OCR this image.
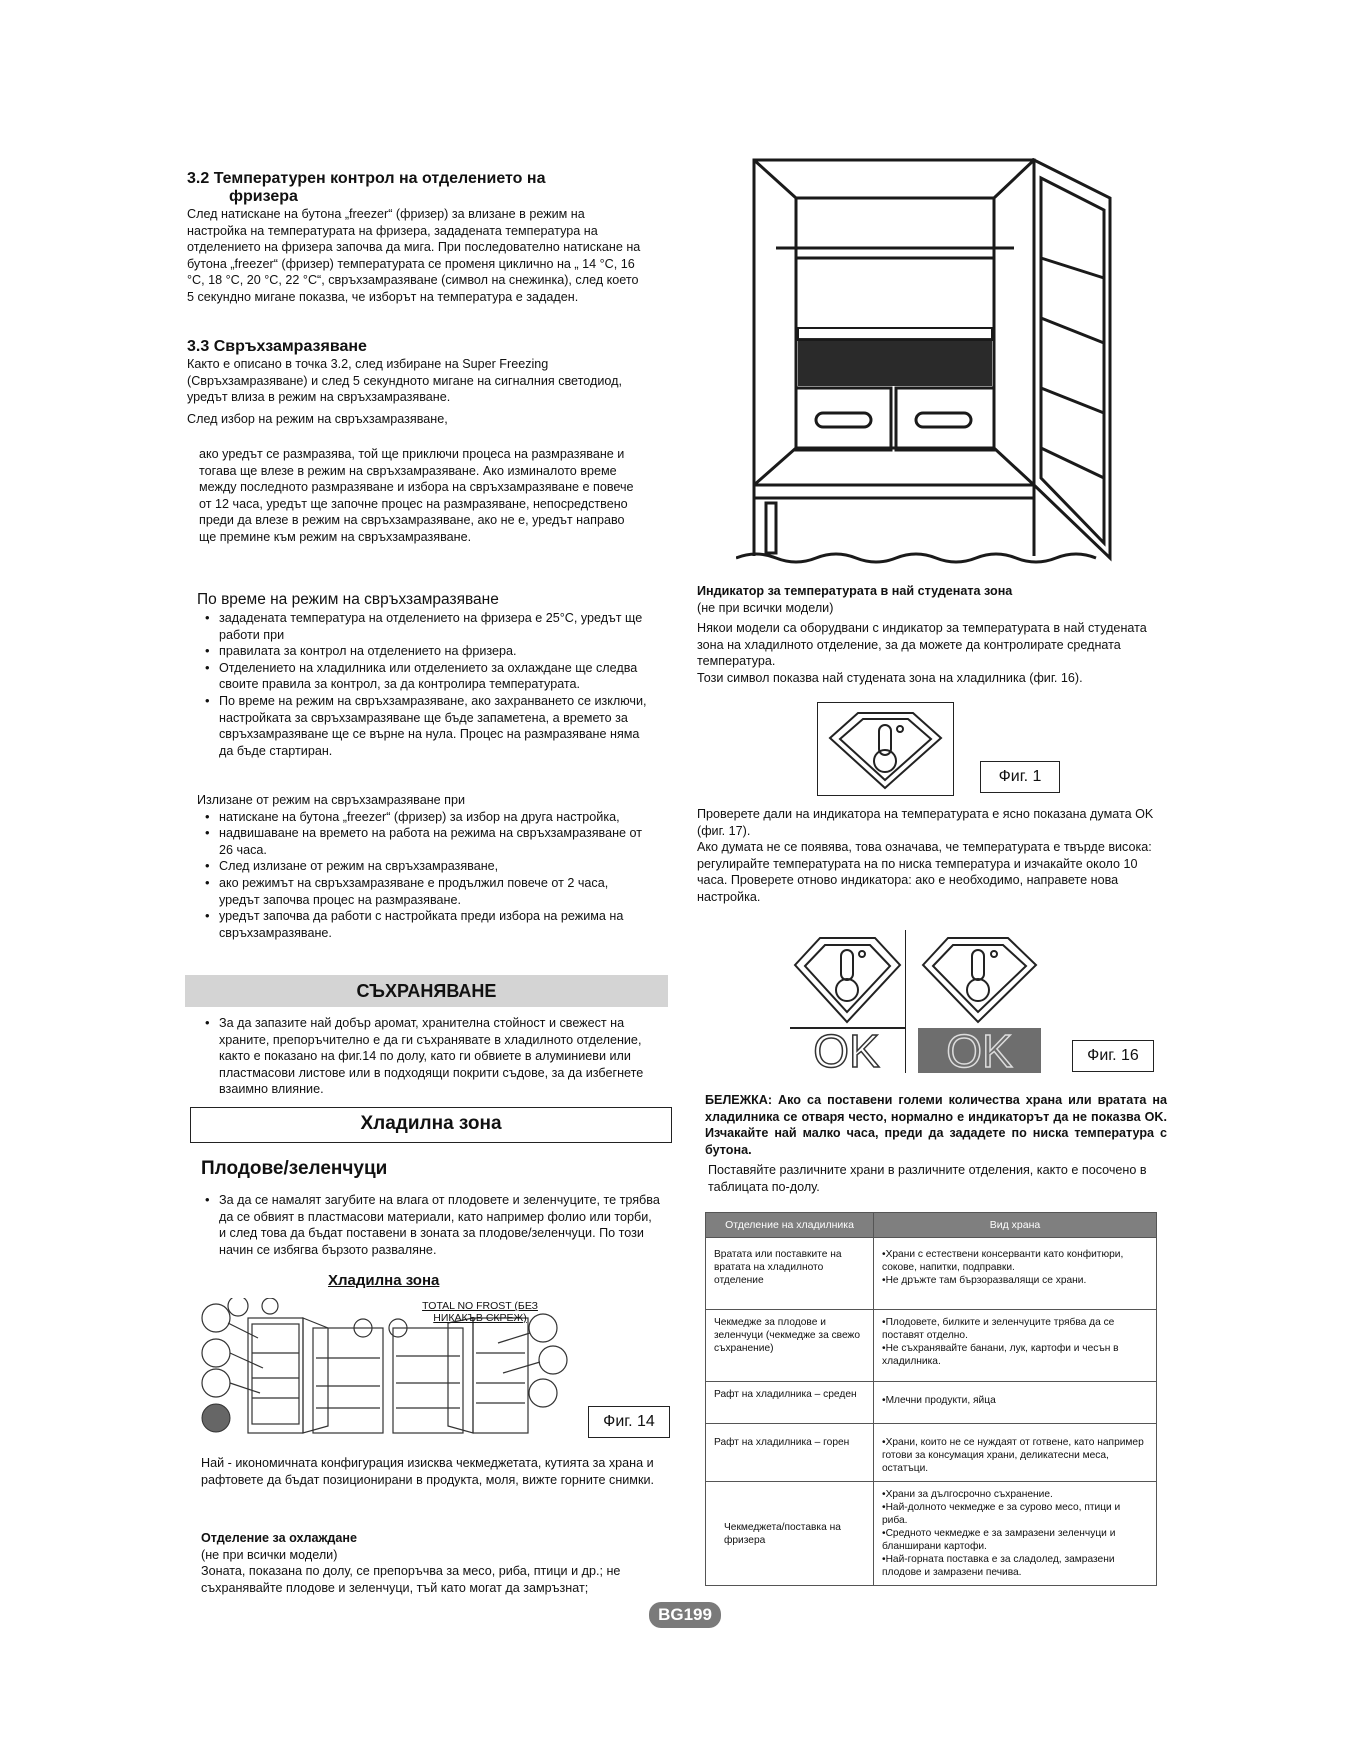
3.2 Температурен контрол на отделението на
фризера

След натискане на бутона „freezer“ (фризер) за влизане в режим на настройка на температурата на фризера, зададената температура на отделението на фризера започва да мига. При последователно натискане на бутона „freezer“ (фризер) температурата се променя циклично на „ 14 °C, 16 °C, 18 °C, 20 °C, 22 °C“, свръхзамразяване (символ на снежинка), след което 5 секундно мигане показва, че изборът на температура е зададен.

3.3 Свръхзамразяване

Както е описано в точка 3.2, след избиране на Super Freezing (Свръхзамразяване) и след 5 секундното мигане на сигналния светодиод, уредът влиза в режим на свръхзамразяване.

След избор на режим на свръхзамразяване,

ако уредът се размразява, той ще приключи процеса на размразяване и тогава ще влезе в режим на свръхзамразяване. Ако изминалото време между последното размразяване и избора на свръхзамразяване е повече от 12 часа, уредът ще започне процес на размразяване, непосредствено преди да влезе в режим на свръхзамразяване, ако не е, уредът направо ще премине към режим на свръхзамразяване.

По време на режим на свръхзамразяване

• зададената температура на отделението на фризера е 25°C, уредът ще работи при
• правилата за контрол на отделението на фризера.
• Отделението на хладилника или отделението за охлаждане ще следва своите правила за контрол, за да контролира температурата.
• По време на режим на свръхзамразяване, ако захранването се изключи, настройката за свръхзамразяване ще бъде запаметена, а времето за свръхзамразяване ще се върне на нула. Процес на размразяване няма да бъде стартиран.

Излизане от режим на свръхзамразяване при

• натискане на бутона „freezer“ (фризер) за избор на друга настройка,
• надвишаване на времето на работа на режима на свръхзамразяване от 26 часа.
• След излизане от режим на свръхзамразяване,
• ако режимът на свръхзамразяване е продължил повече от 2 часа, уредът започва процес на размразяване.
• уредът започва да работи с настройката преди избора на режима на свръхзамразяване.
СЪХРАНЯВАНЕ
• За да запазите най добър аромат, хранителна стойност и свежест на храните, препоръчително е да ги съхранявате в хладилното отделение, както е показано на фиг.14 по долу, като ги обвиете в алуминиеви или пластмасови листове или в подходящи покрити съдове, за да избегнете взаимно влияние.
Хладилна зона
Плодове/зеленчуци
• За да се намалят загубите на влага от плодовете и зеленчуците, те трябва да се обвият в пластмасови материали, като например фолио или торби, и след това да бъдат поставени в зоната за плодове/зеленчуци. По този начин се избягва бързото разваляне.
Хладилна зона
TOTAL NO FROST (БЕЗ НИКАКЪВ СКРЕЖ)
Фиг. 14

Най - икономичната конфигурация изисква чекмеджетата, кутията за храна и рафтовете да бъдат позиционирани в продукта, моля, вижте горните снимки.

Отделение за охлаждане

(не при всички модели)

Зоната, показана по долу, се препоръчва за месо, риба, птици и др.; не съхранявайте плодове и зеленчуци, тъй като могат да замръзнат;

Индикатор за температурата в най студената зона

(не при всички модели)

Някои модели са оборудвани с индикатор за температурата в най студената зона на хладилното отделение, за да можете да контролирате средната температура.

Този символ показва най студената зона на хладилника (фиг. 16).

Фиг. 1

Проверете дали на индикатора на температурата е ясно показана думата OK (фиг. 17).

Ако думата не се появява, това означава, че температурата е твърде висока:

регулирайте температурата на по ниска температура и изчакайте около 10 часа. Проверете отново индикатора: ако е необходимо, направете нова настройка.

OK	OK	Фиг. 16

БЕЛЕЖКА: Ако са поставени големи количества храна или вратата на хладилника се отваря често, нормално е индикаторът да не показва OK. Изчакайте най малко часа, преди да зададете по ниска температура с бутона.

Поставяйте различните храни в различните отделения, както е посочено в таблицата по-долу.

Отделение на хладилника	Вид храна
Вратата или поставките на вратата на хладилното отделение	•Храни с естествени консерванти като конфитюри, сокове, напитки, подправки.
•Не дръжте там бързоразвалящи се храни.
Чекмедже за плодове и зеленчуци (чекмедже за свежо съхранение)	•Плодовете, билките и зеленчуците трябва да се поставят отделно.
•Не съхранявайте банани, лук, картофи и чесън в хладилника.
Рафт на хладилника – среден	•Млечни продукти, яйца
Рафт на хладилника – горен	•Храни, които не се нуждаят от готвене, като например готови за консумация храни, деликатесни меса, остатъци.
Чекмеджета/поставка на фризера	•Храни за дългосрочно съхранение.
•Най-долното чекмедже е за сурово месо, птици и риба.
•Средното чекмедже е за замразени зеленчуци и бланширани картофи.
•Най-горната поставка е за сладолед, замразени плодове и замразени печива.
BG199
